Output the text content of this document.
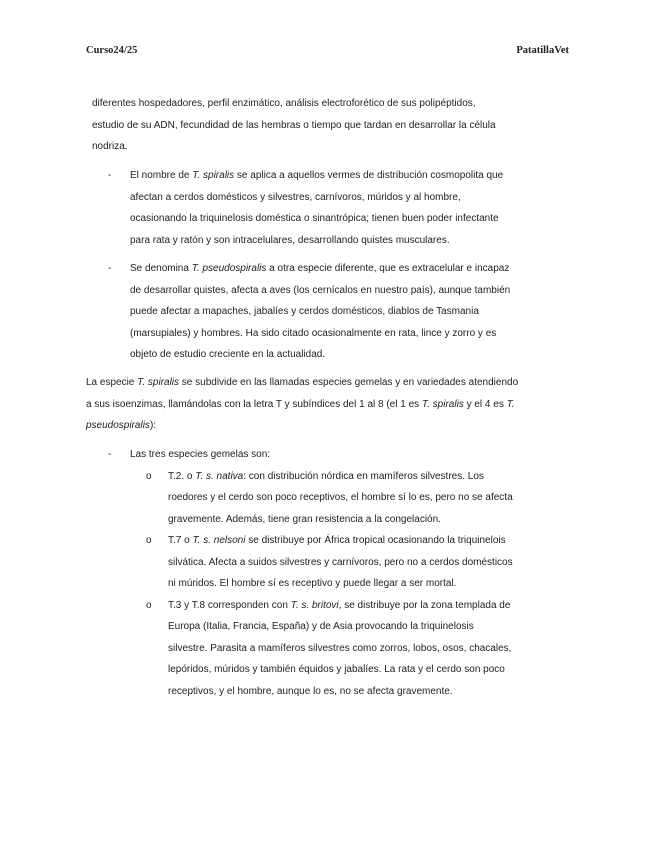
Curso24/25	PatatillaVet
diferentes hospedadores, perfil enzimático, análisis electroforético de sus polipéptidos,
estudio de su ADN, fecundidad de las hembras o tiempo que tardan en desarrollar la célula
nodriza.
- El nombre de T. spiralis se aplica a aquellos vermes de distribución cosmopolita que
afectan a cerdos domésticos y silvestres, carnívoros, múridos y al hombre,
ocasionando la triquinelosis doméstica o sinantrópica; tienen buen poder infectante
para rata y ratón y son intracelulares, desarrollando quistes musculares.
- Se denomina T. pseudospiralis a otra especie diferente, que es extracelular e incapaz
de desarrollar quistes, afecta a aves (los cernícalos en nuestro país), aunque también
puede afectar a mapaches, jabalíes y cerdos domésticos, diablos de Tasmania
(marsupiales) y hombres. Ha sido citado ocasionalmente en rata, lince y zorro y es
objeto de estudio creciente en la actualidad.
La especie T. spiralis se subdivide en las llamadas especies gemelas y en variedades atendiendo
a sus isoenzimas, llamándolas con la letra T y subíndices del 1 al 8 (el 1 es T. spiralis y el 4 es T.
pseudospiralis):
- Las tres especies gemelas son:
o T.2. o T. s. nativa: con distribución nórdica en mamíferos silvestres. Los
roedores y el cerdo son poco receptivos, el hombre sí lo es, pero no se afecta
gravemente. Además, tiene gran resistencia a la congelación.
o T.7 o T. s. nelsoni se distribuye por África tropical ocasionando la triquinelois
silvática. Afecta a suidos silvestres y carnívoros, pero no a cerdos domésticos
ni múridos. El hombre sí es receptivo y puede llegar a ser mortal.
o T.3 y T.8 corresponden con T. s. britovi, se distribuye por la zona templada de
Europa (Italia, Francia, España) y de Asia provocando la triquinelosis
silvestre. Parasita a mamíferos silvestres como zorros, lobos, osos, chacales,
lepóridos, múridos y también équidos y jabalíes. La rata y el cerdo son poco
receptivos, y el hombre, aunque lo es, no se afecta gravemente.
